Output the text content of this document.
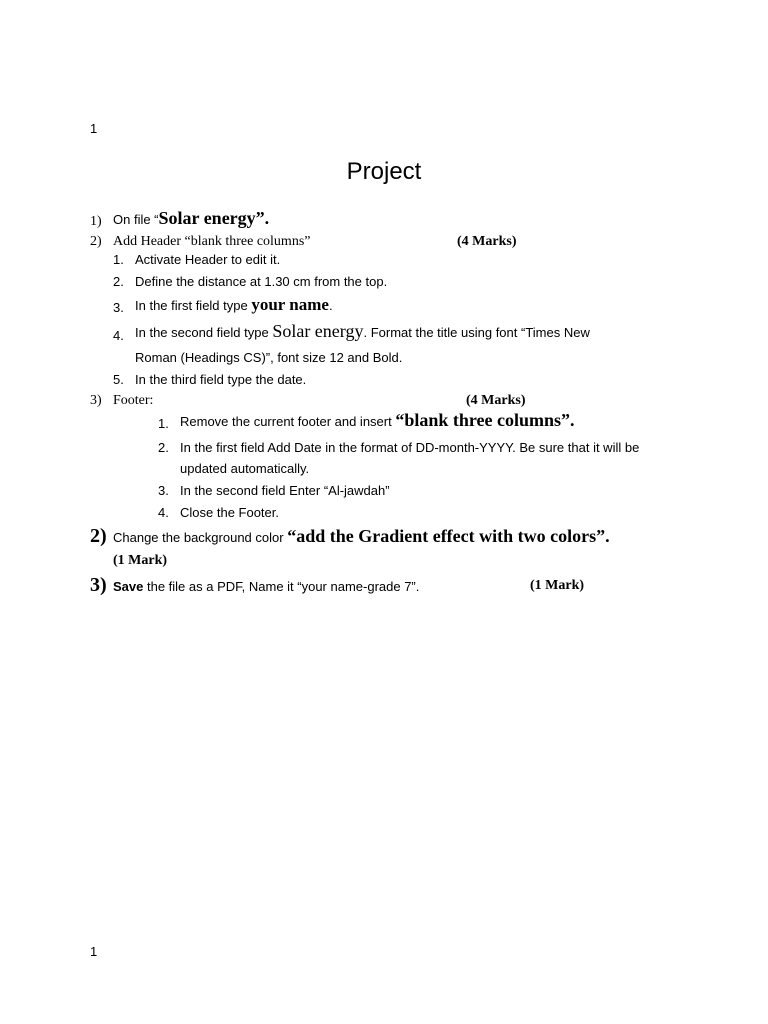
1
Project
1) On file “Solar energy”.
2) Add Header “blank three columns”	(4 Marks)
1. Activate Header to edit it.
2. Define the distance at 1.30 cm from the top.
3. In the first field type your name.
4. In the second field type Solar energy. Format the title using font “Times New
Roman (Headings CS)”, font size 12 and Bold.
5. In the third field type the date.
3) Footer:	(4 Marks)
1. Remove the current footer and insert “blank three columns”.
2. In the first field Add Date in the format of DD-month-YYYY. Be sure that it will be
updated automatically.
3. In the second field Enter “Al-jawdah”
4. Close the Footer.
2) Change the background color “add the Gradient effect with two colors”.
(1 Mark)
3) Save the file as a PDF, Name it “your name-grade 7”.	(1 Mark)
1
